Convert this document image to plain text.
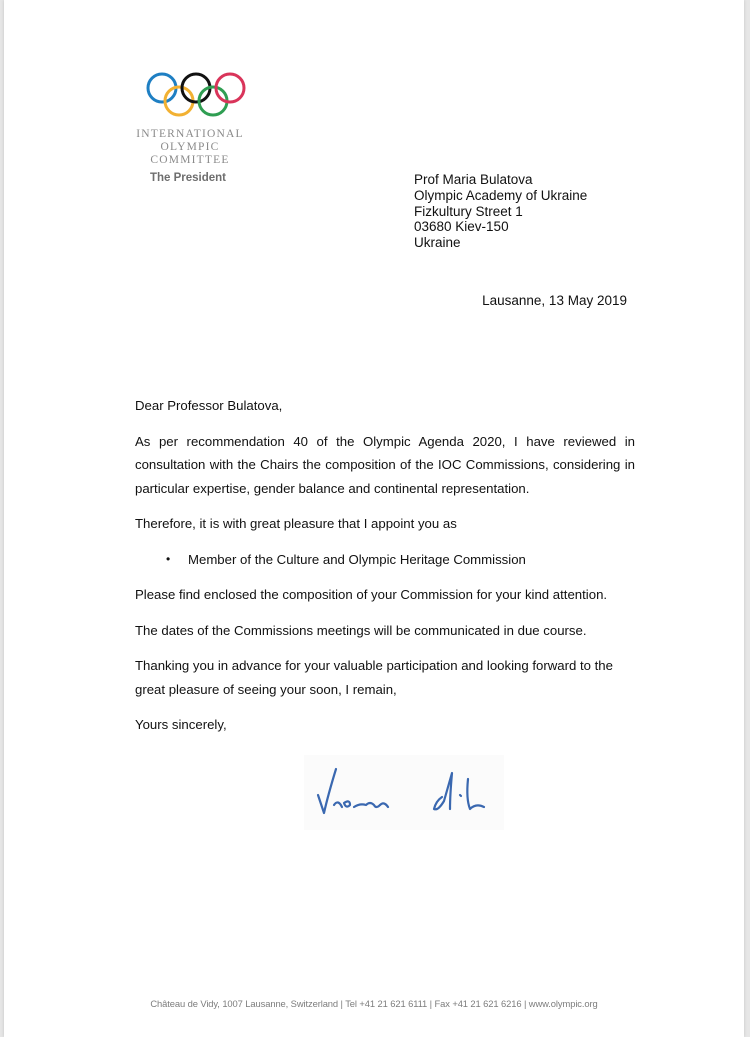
INTERNATIONAL
OLYMPIC
COMMITTEE
The President	Prof Maria Bulatova
Olympic Academy of Ukraine
Fizkultury Street 1
03680 Kiev-150
Ukraine
Lausanne, 13 May 2019

Dear Professor Bulatova,

As per recommendation 40 of the Olympic Agenda 2020, I have reviewed in consultation with the Chairs the composition of the IOC Commissions, considering in particular expertise, gender balance and continental representation.

Therefore, it is with great pleasure that I appoint you as

•	Member of the Culture and Olympic Heritage Commission

Please find enclosed the composition of your Commission for your kind attention.

The dates of the Commissions meetings will be communicated in due course.

Thanking you in advance for your valuable participation and looking forward to the great pleasure of seeing your soon, I remain,

Yours sincerely,

Château de Vidy, 1007 Lausanne, Switzerland | Tel +41 21 621 6111 | Fax +41 21 621 6216 | www.olympic.org
